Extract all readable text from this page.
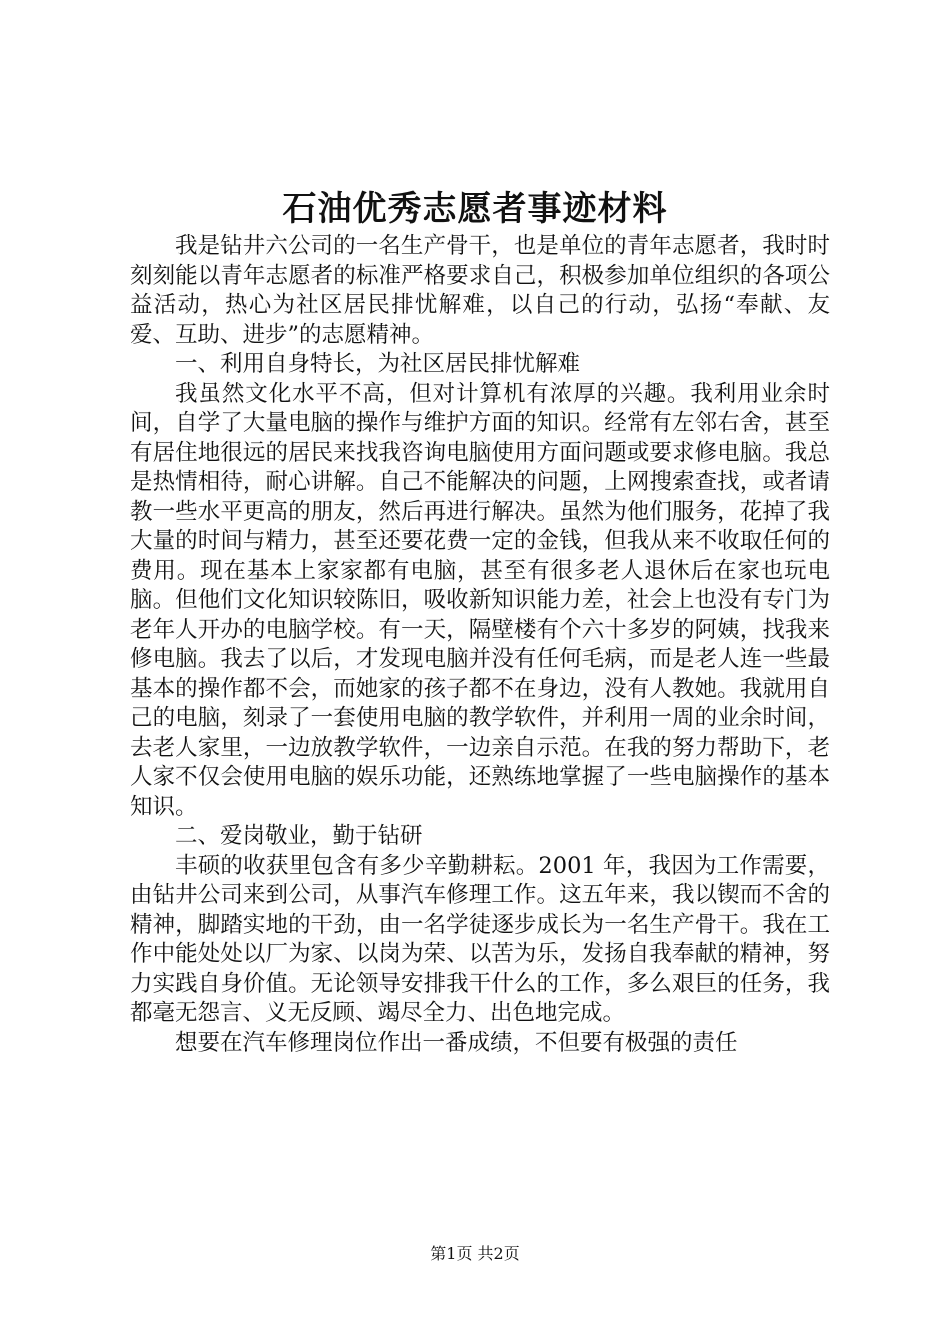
石油优秀志愿者事迹材料

我是钻井六公司的一名生产骨干，也是单位的青年志愿者，我时时刻刻能以青年志愿者的标准严格要求自己，积极参加单位组织的各项公益活动，热心为社区居民排忧解难，以自己的行动，弘扬“奉献、友爱、互助、进步”的志愿精神。

一、利用自身特长，为社区居民排忧解难

我虽然文化水平不高，但对计算机有浓厚的兴趣。我利用业余时间，自学了大量电脑的操作与维护方面的知识。经常有左邻右舍，甚至有居住地很远的居民来找我咨询电脑使用方面问题或要求修电脑。我总是热情相待，耐心讲解。自己不能解决的问题，上网搜索查找，或者请教一些水平更高的朋友，然后再进行解决。虽然为他们服务，花掉了我大量的时间与精力，甚至还要花费一定的金钱，但我从来不收取任何的费用。现在基本上家家都有电脑，甚至有很多老人退休后在家也玩电脑。但他们文化知识较陈旧，吸收新知识能力差，社会上也没有专门为老年人开办的电脑学校。有一天，隔壁楼有个六十多岁的阿姨，找我来修电脑。我去了以后，才发现电脑并没有任何毛病，而是老人连一些最基本的操作都不会，而她家的孩子都不在身边，没有人教她。我就用自己的电脑，刻录了一套使用电脑的教学软件，并利用一周的业余时间，去老人家里，一边放教学软件，一边亲自示范。在我的努力帮助下，老人家不仅会使用电脑的娱乐功能，还熟练地掌握了一些电脑操作的基本知识。

二、爱岗敬业，勤于钻研

丰硕的收获里包含有多少辛勤耕耘。2001 年，我因为工作需要，由钻井公司来到公司，从事汽车修理工作。这五年来，我以锲而不舍的精神，脚踏实地的干劲，由一名学徒逐步成长为一名生产骨干。我在工作中能处处以厂为家、以岗为荣、以苦为乐，发扬自我奉献的精神，努力实践自身价值。无论领导安排我干什么的工作，多么艰巨的任务，我都毫无怨言、义无反顾、竭尽全力、出色地完成。

想要在汽车修理岗位作出一番成绩，不但要有极强的责任

第1页 共2页
